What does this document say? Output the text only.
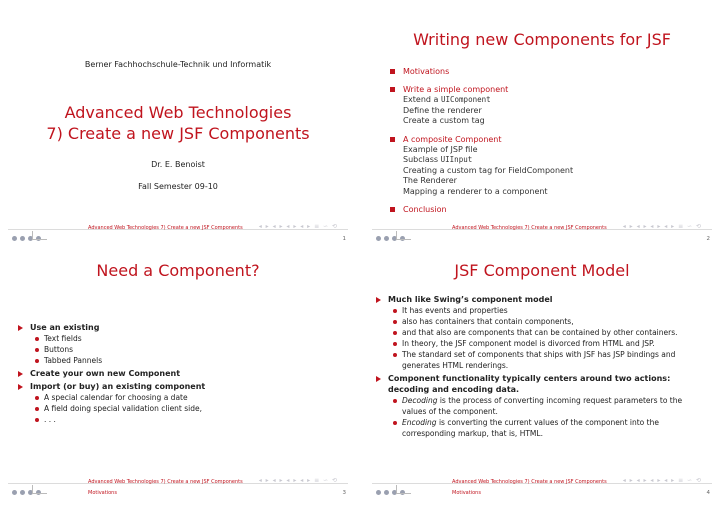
Berner Fachhochschule-Technik und Informatik
Advanced Web Technologies
7) Create a new JSF Components
Dr. E. Benoist
Fall Semester 09-10
Advanced Web Technologies 7) Create a new JSF Components	◂ ▸ ◂ ▸ ◂ ▸ ◂ ▸ ≡ ∽ ⟲
1
Writing new Components for JSF
Motivations
Write a simple component
Extend a UIComponent
Define the renderer
Create a custom tag
A composite Component
Example of JSP file
Subclass UIInput
Creating a custom tag for FieldComponent
The Renderer
Mapping a renderer to a component
Conclusion
Advanced Web Technologies 7) Create a new JSF Components	◂ ▸ ◂ ▸ ◂ ▸ ◂ ▸ ≡ ∽ ⟲
2
Need a Component?
Use an existing
Text fields
Buttons
Tabbed Pannels
Create your own new Component
Import (or buy) an existing component
A special calendar for choosing a date
A field doing special validation client side,
. . .
Advanced Web Technologies 7) Create a new JSF Components
Motivations
◂ ▸ ◂ ▸ ◂ ▸ ◂ ▸ ≡ ∽ ⟲
3
JSF Component Model
Much like Swing’s component model
It has events and properties
also has containers that contain components,
and that also are components that can be contained by other containers.
In theory, the JSF component model is divorced from HTML and JSP.
The standard set of components that ships with JSF has JSP bindings and generates HTML renderings.
Component functionality typically centers around two actions: decoding and encoding data.
Decoding is the process of converting incoming request parameters to the values of the component.
Encoding is converting the current values of the component into the corresponding markup, that is, HTML.
Advanced Web Technologies 7) Create a new JSF Components
Motivations
◂ ▸ ◂ ▸ ◂ ▸ ◂ ▸ ≡ ∽ ⟲
4
